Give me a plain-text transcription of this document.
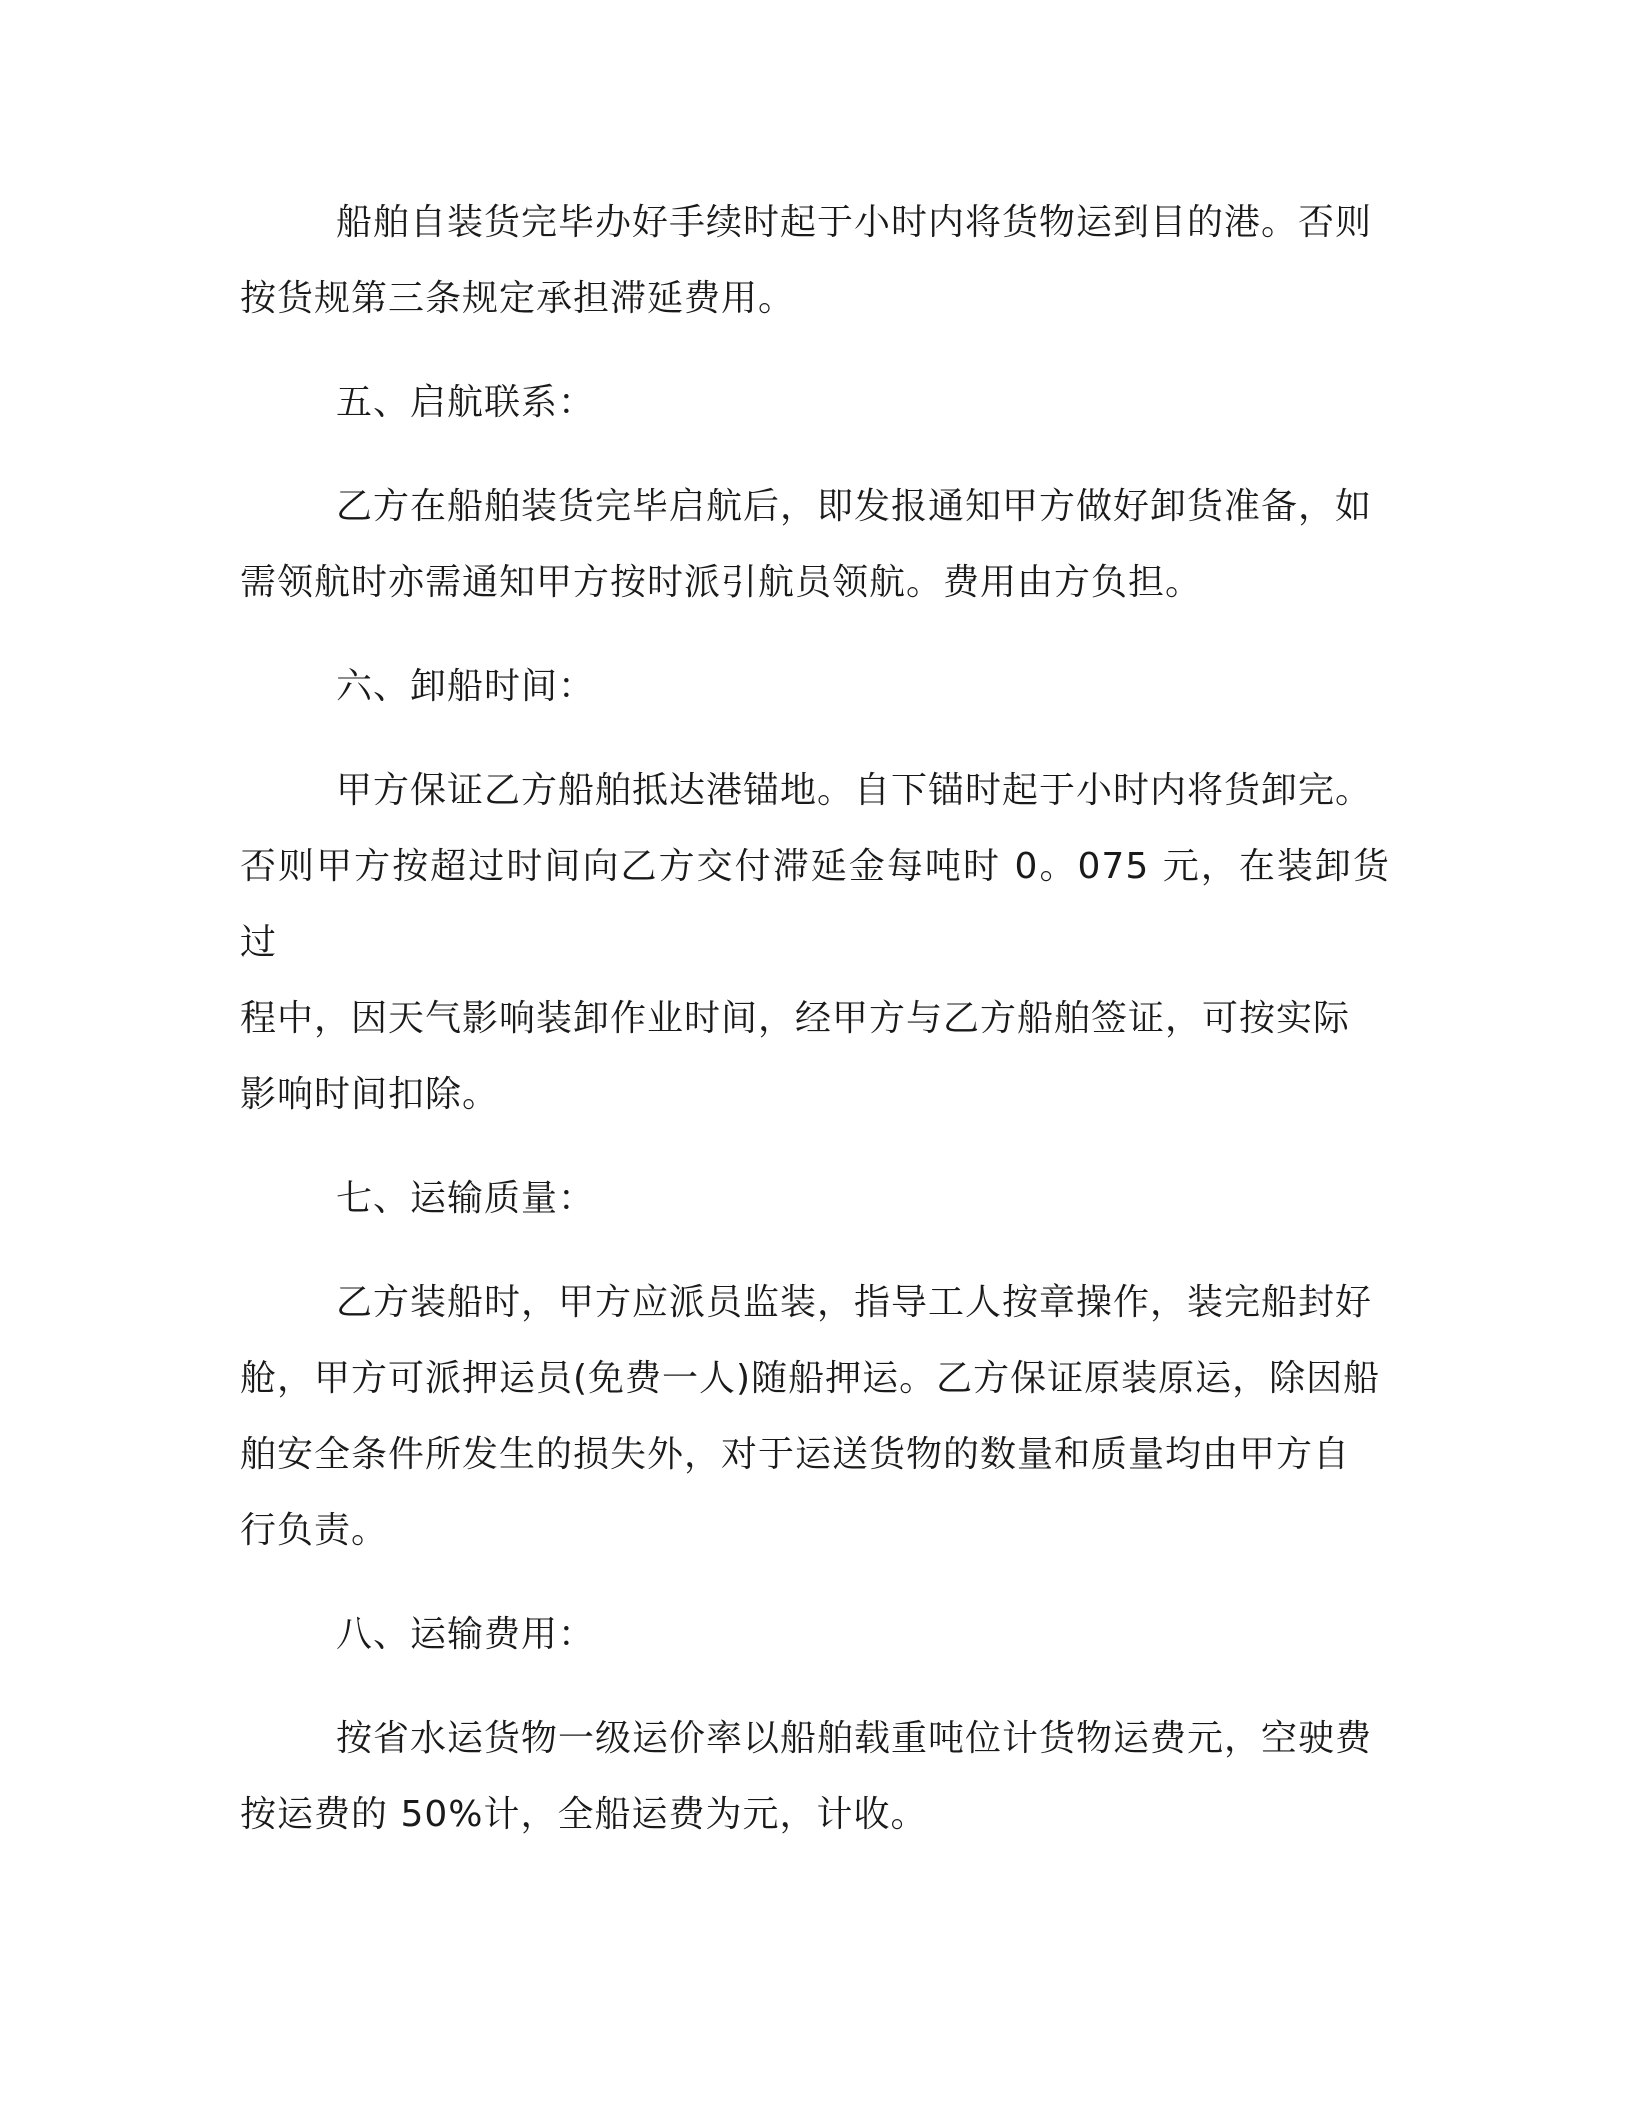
船舶自装货完毕办好手续时起于小时内将货物运到目的港。否则
按货规第三条规定承担滞延费用。

五、启航联系：

乙方在船舶装货完毕启航后，即发报通知甲方做好卸货准备，如
需领航时亦需通知甲方按时派引航员领航。费用由方负担。

六、卸船时间：

甲方保证乙方船舶抵达港锚地。自下锚时起于小时内将货卸完。
否则甲方按超过时间向乙方交付滞延金每吨时 0。075 元，在装卸货过
程中，因天气影响装卸作业时间，经甲方与乙方船舶签证，可按实际
影响时间扣除。

七、运输质量：

乙方装船时，甲方应派员监装，指导工人按章操作，装完船封好
舱，甲方可派押运员(免费一人)随船押运。乙方保证原装原运，除因船
舶安全条件所发生的损失外，对于运送货物的数量和质量均由甲方自
行负责。

八、运输费用：

按省水运货物一级运价率以船舶载重吨位计货物运费元，空驶费
按运费的 50%计，全船运费为元，计收。
